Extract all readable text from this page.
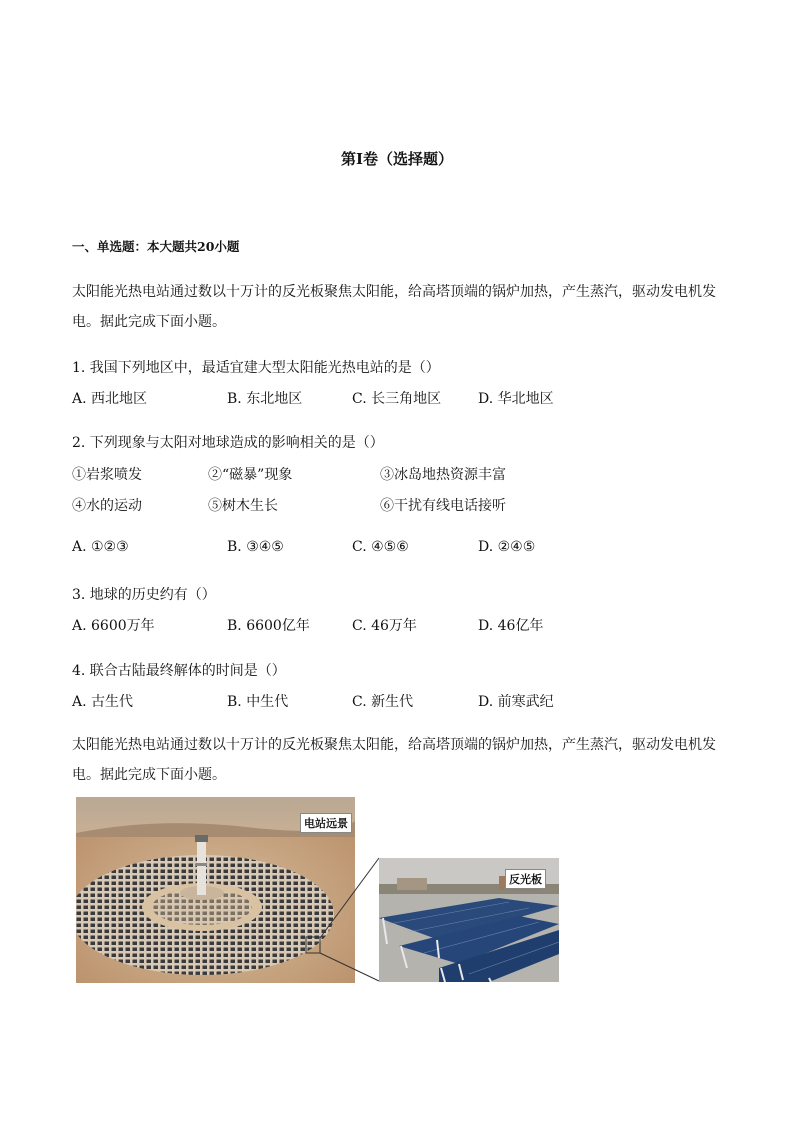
第I卷（选择题）
一、单选题：本大题共20小题
太阳能光热电站通过数以十万计的反光板聚焦太阳能，给高塔顶端的锅炉加热，产生蒸汽，驱动发电机发电。据此完成下面小题。
1. 我国下列地区中，最适宜建大型太阳能光热电站的是（）
A. 西北地区	B. 东北地区	C. 长三角地区	D. 华北地区
2. 下列现象与太阳对地球造成的影响相关的是（）
①岩浆喷发	②“磁暴”现象	③冰岛地热资源丰富
④水的运动	⑤树木生长	⑥干扰有线电话接听
A. ①②③	B. ③④⑤	C. ④⑤⑥	D. ②④⑤
3. 地球的历史约有（）
A. 6600万年	B. 6600亿年	C. 46万年	D. 46亿年
4. 联合古陆最终解体的时间是（）
A. 古生代	B. 中生代	C. 新生代	D. 前寒武纪
太阳能光热电站通过数以十万计的反光板聚焦太阳能，给高塔顶端的锅炉加热，产生蒸汽，驱动发电机发电。据此完成下面小题。
电站远景
反光板
